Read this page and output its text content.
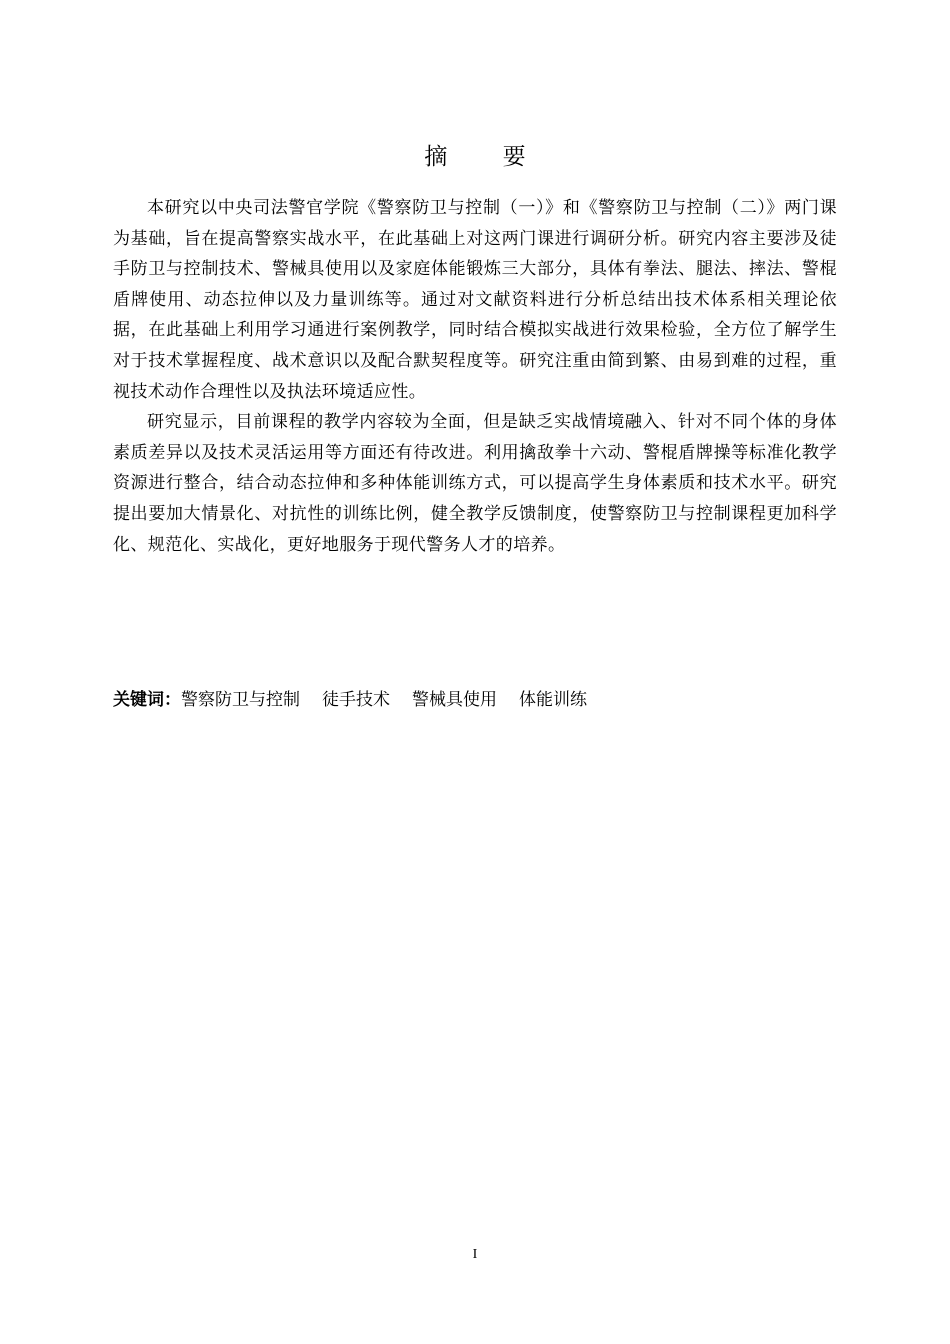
摘 要

本研究以中央司法警官学院《警察防卫与控制（一）》和《警察防卫与控制（二）》两门课为基础，旨在提高警察实战水平，在此基础上对这两门课进行调研分析。研究内容主要涉及徒手防卫与控制技术、警械具使用以及家庭体能锻炼三大部分，具体有拳法、腿法、摔法、警棍盾牌使用、动态拉伸以及力量训练等。通过对文献资料进行分析总结出技术体系相关理论依据，在此基础上利用学习通进行案例教学，同时结合模拟实战进行效果检验，全方位了解学生对于技术掌握程度、战术意识以及配合默契程度等。研究注重由简到繁、由易到难的过程，重视技术动作合理性以及执法环境适应性。

研究显示，目前课程的教学内容较为全面，但是缺乏实战情境融入、针对不同个体的身体素质差异以及技术灵活运用等方面还有待改进。利用擒敌拳十六动、警棍盾牌操等标准化教学资源进行整合，结合动态拉伸和多种体能训练方式，可以提高学生身体素质和技术水平。研究提出要加大情景化、对抗性的训练比例，健全教学反馈制度，使警察防卫与控制课程更加科学化、规范化、实战化，更好地服务于现代警务人才的培养。

关键词：警察防卫与控制 徒手技术 警械具使用 体能训练
I
